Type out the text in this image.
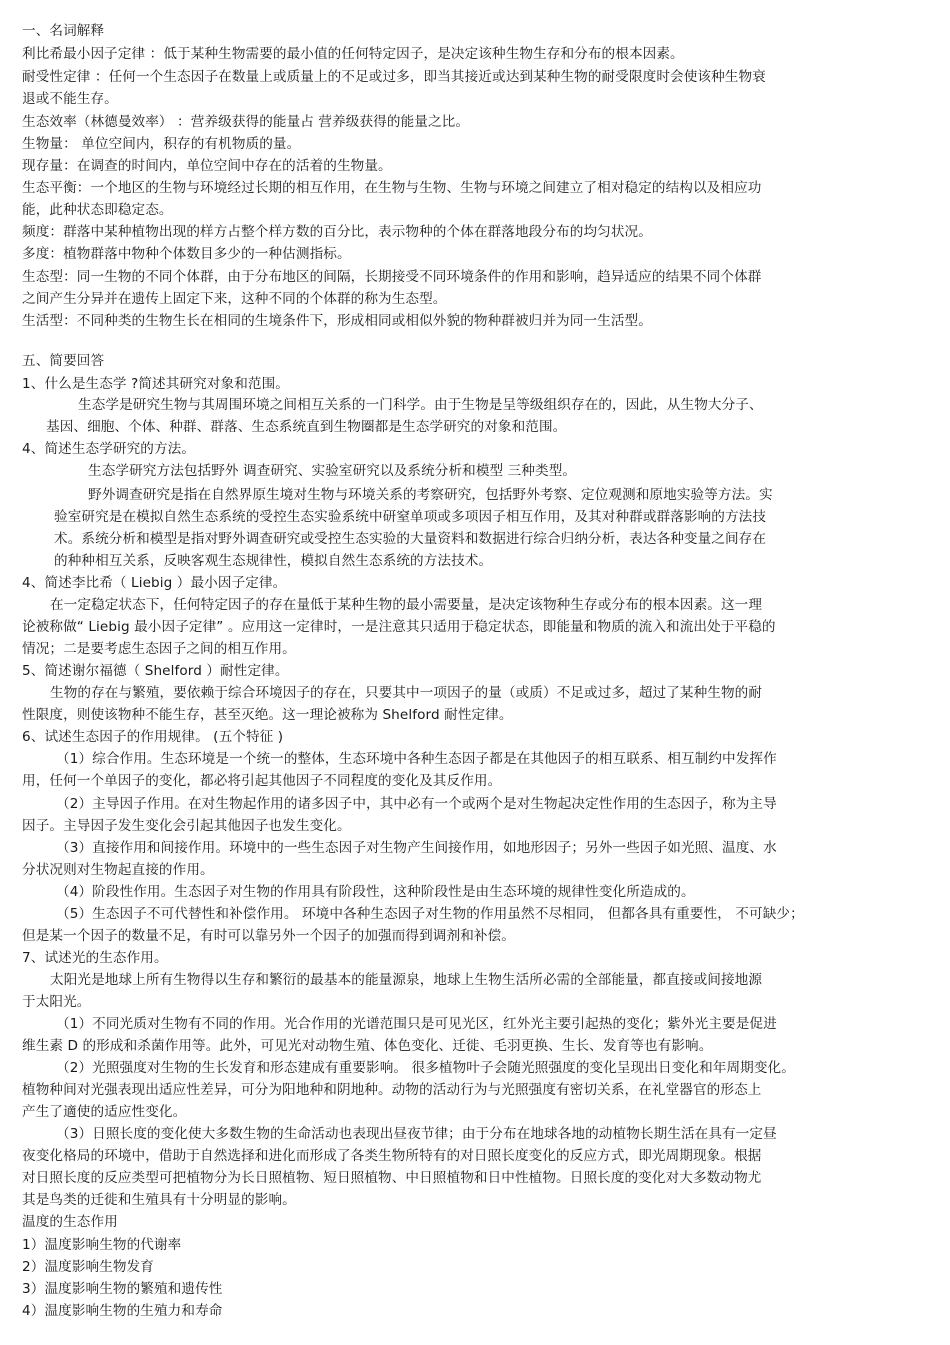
一、名词解释
利比希最小因子定律 ：低于某种生物需要的最小值的任何特定因子，是决定该种生物生存和分布的根本因素。
耐受性定律 ：任何一个生态因子在数量上或质量上的不足或过多，即当其接近或达到某种生物的耐受限度时会使该种生物衰
退或不能生存。
生态效率（林德曼效率） ：营养级获得的能量占 营养级获得的能量之比。
生物量： 单位空间内，积存的有机物质的量。
现存量：在调查的时间内，单位空间中存在的活着的生物量。
生态平衡：一个地区的生物与环境经过长期的相互作用，在生物与生物、生物与环境之间建立了相对稳定的结构以及相应功
能，此种状态即稳定态。
频度：群落中某种植物出现的样方占整个样方数的百分比，表示物种的个体在群落地段分布的均匀状况。
多度：植物群落中物种个体数目多少的一种估测指标。
生态型：同一生物的不同个体群，由于分布地区的间隔，长期接受不同环境条件的作用和影响，趋异适应的结果不同个体群
之间产生分异并在遗传上固定下来，这种不同的个体群的称为生态型。
生活型：不同种类的生物生长在相同的生境条件下，形成相同或相似外貌的物种群被归并为同一生活型。
五、简要回答
1、什么是生态学 ?简述其研究对象和范围。
生态学是研究生物与其周围环境之间相互关系的一门科学。由于生物是呈等级组织存在的，因此，从生物大分子、
基因、细胞、个体、种群、群落、生态系统直到生物圈都是生态学研究的对象和范围。
4、简述生态学研究的方法。
生态学研究方法包括野外 调查研究、实验室研究以及系统分析和模型 三种类型。
野外调查研究是指在自然界原生境对生物与环境关系的考察研究，包括野外考察、定位观测和原地实验等方法。实
验室研究是在模拟自然生态系统的受控生态实验系统中研窒单项或多项因子相互作用，及其对种群或群落影响的方法技
术。系统分析和模型是指对野外调查研究或受控生态实验的大量资料和数据进行综合归纳分析，表达各种变量之间存在
的种种相互关系，反映客观生态规律性，模拟自然生态系统的方法技术。
4、简述李比希（ Liebig ）最小因子定律。
在一定稳定状态下，任何特定因子的存在量低于某种生物的最小需要量，是决定该物种生存或分布的根本因素。这一理
论被称做“ Liebig 最小因子定律” 。应用这一定律时，一是注意其只适用于稳定状态，即能量和物质的流入和流出处于平稳的
情况；二是要考虑生态因子之间的相互作用。
5、简述谢尔福德（ Shelford ）耐性定律。
生物的存在与繁殖，要依赖于综合环境因子的存在，只要其中一项因子的量（或质）不足或过多，超过了某种生物的耐
性限度，则使该物种不能生存，甚至灭绝。这一理论被称为 Shelford 耐性定律。
6、试述生态因子的作用规律。 (五个特征 )
（1）综合作用。生态环境是一个统一的整体，生态环境中各种生态因子都是在其他因子的相互联系、相互制约中发挥作
用，任何一个单因子的变化，都必将引起其他因子不同程度的变化及其反作用。
（2）主导因子作用。在对生物起作用的诸多因子中，其中必有一个或两个是对生物起决定性作用的生态因子，称为主导
因子。主导因子发生变化会引起其他因子也发生变化。
（3）直接作用和间接作用。环境中的一些生态因子对生物产生间接作用，如地形因子；另外一些因子如光照、温度、水
分状况则对生物起直接的作用。
（4）阶段性作用。生态因子对生物的作用具有阶段性，这种阶段性是由生态环境的规律性变化所造成的。
（5）生态因子不可代替性和补偿作用。 环境中各种生态因子对生物的作用虽然不尽相同， 但都各具有重要性， 不可缺少；
但是某一个因子的数量不足，有时可以靠另外一个因子的加强而得到调剂和补偿。
7、试述光的生态作用。
太阳光是地球上所有生物得以生存和繁衍的最基本的能量源泉，地球上生物生活所必需的全部能量，都直接或间接地源
于太阳光。
（1）不同光质对生物有不同的作用。光合作用的光谱范围只是可见光区，红外光主要引起热的变化；紫外光主要是促进
维生素 D 的形成和杀菌作用等。此外，可见光对动物生殖、体色变化、迁徙、毛羽更换、生长、发育等也有影响。
（2）光照强度对生物的生长发育和形态建成有重要影响。 很多植物叶子会随光照强度的变化呈现出日变化和年周期变化。
植物种间对光强表现出适应性差异，可分为阳地种和阴地种。动物的活动行为与光照强度有密切关系，在礼堂器官的形态上
产生了適使的适应性变化。
（3）日照长度的变化使大多数生物的生命活动也表现出昼夜节律；由于分布在地球各地的动植物长期生活在具有一定昼
夜变化格局的环境中，借助于自然选择和进化而形成了各类生物所特有的对日照长度变化的反应方式，即光周期现象。根据
对日照长度的反应类型可把植物分为长日照植物、短日照植物、中日照植物和日中性植物。日照长度的变化对大多数动物尤
其是鸟类的迁徙和生殖具有十分明显的影响。
温度的生态作用
1）温度影响生物的代谢率
2）温度影响生物发育
3）温度影响生物的繁殖和遗传性
4）温度影响生物的生殖力和寿命
